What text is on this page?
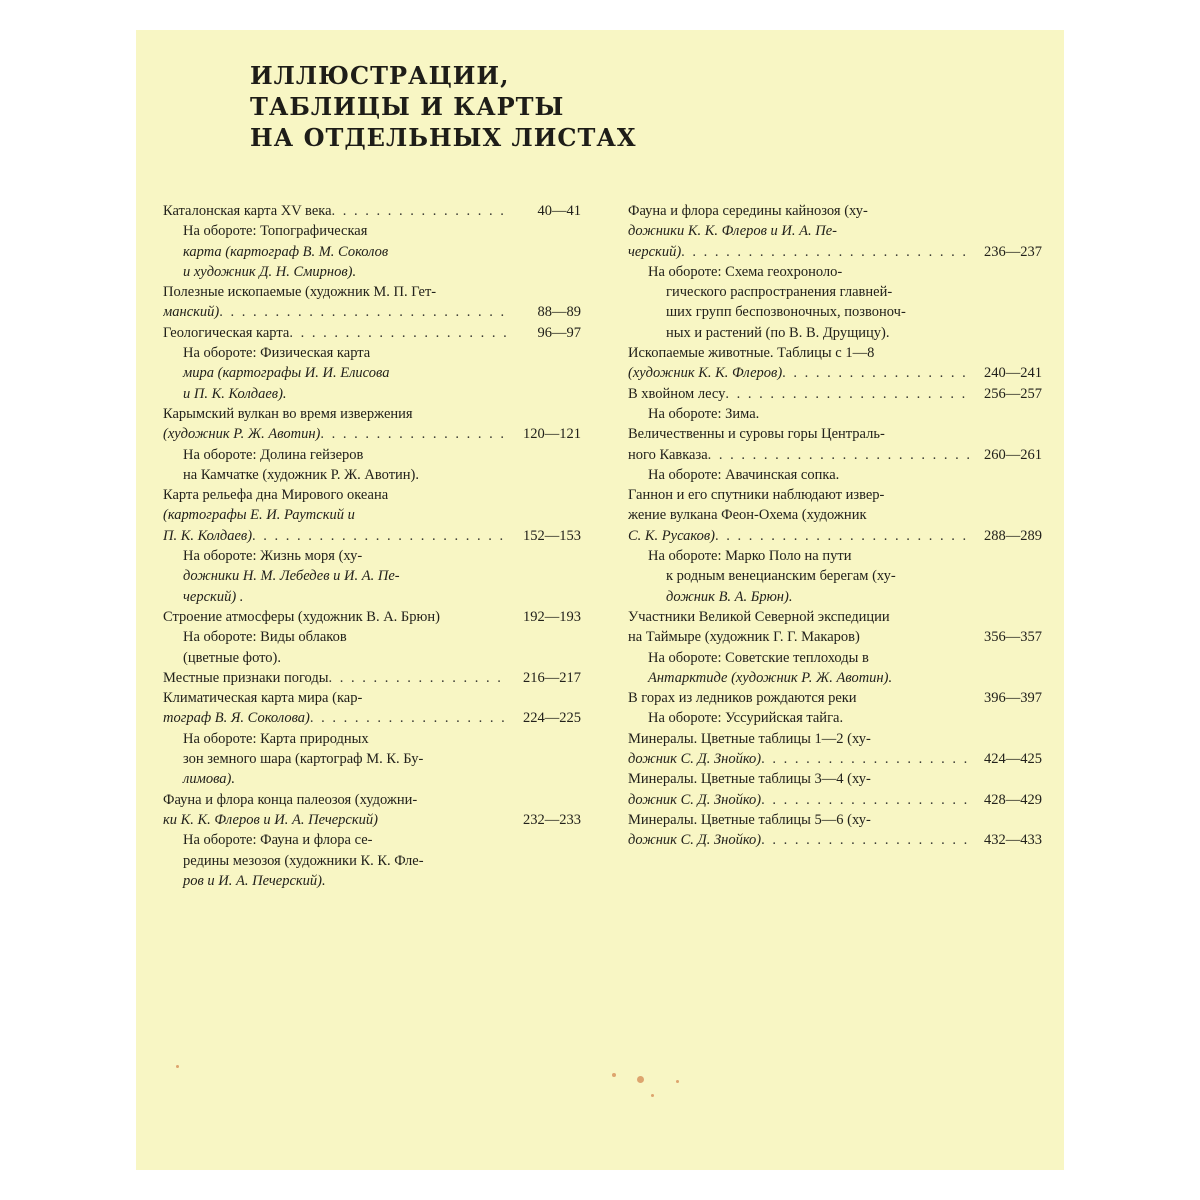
ИЛЛЮСТРАЦИИ,
ТАБЛИЦЫ И КАРТЫ
НА ОТДЕЛЬНЫХ ЛИСТАХ
Каталонская карта XV века . . .	40—41
На обороте: Топографическая
карта (картограф В. М. Соколов
и художник Д. Н. Смирнов).
Полезные ископаемые (художник М. П. Гет-
манский) . . .	88—89
Геологическая карта . . .	96—97
На обороте: Физическая карта
мира (картографы И. И. Елисова
и П. К. Колдаев).
Карымский вулкан во время извержения
(художник Р. Ж. Авотин) . . .	120—121
На обороте: Долина гейзеров
на Камчатке (художник Р. Ж. Авотин).
Карта рельефа дна Мирового океана
(картографы Е. И. Раутский и
П. К. Колдаев) . . .	152—153
На обороте: Жизнь моря (ху-
дожники Н. М. Лебедев и И. А. Пе-
черский) .
Строение атмосферы (художник В. А. Брюн)	192—193
На обороте: Виды облаков
(цветные фото).
Местные признаки погоды . . .	216—217
Климатическая карта мира (кар-
тограф В. Я. Соколова) . . .	224—225
На обороте: Карта природных
зон земного шара (картограф М. К. Бу-
лимова).
Фауна и флора конца палеозоя (художни-
ки К. К. Флеров и И. А. Печерский)	232—233
На обороте: Фауна и флора се-
редины мезозоя (художники К. К. Фле-
ров и И. А. Печерский).
Фауна и флора середины кайнозоя (ху-
дожники К. К. Флеров и И. А. Пе-
черский) . . .	236—237
На обороте: Схема геохроноло-
гического распространения главней-
ших групп беспозвоночных, позвоноч-
ных и растений (по В. В. Друщицу).
Ископаемые животные. Таблицы с 1—8
(художник К. К. Флеров) . . .	240—241
В хвойном лесу . . .	256—257
На обороте: Зима.
Величественны и суровы горы Централь-
ного Кавказа . . .	260—261
На обороте: Авачинская сопка.
Ганнон и его спутники наблюдают извер-
жение вулкана Феон-Охема (художник
С. К. Русаков) . . .	288—289
На обороте: Марко Поло на пути
к родным венецианским берегам (ху-
дожник В. А. Брюн).
Участники Великой Северной экспедиции
на Таймыре (художник Г. Г. Макаров)	356—357
На обороте: Советские теплоходы в
Антарктиде (художник Р. Ж. Авотин).
В горах из ледников рождаются реки	396—397
На обороте: Уссурийская тайга.
Минералы. Цветные таблицы 1—2 (ху-
дожник С. Д. Знойко) . . .	424—425
Минералы. Цветные таблицы 3—4 (ху-
дожник С. Д. Знойко) . . .	428—429
Минералы. Цветные таблицы 5—6 (ху-
дожник С. Д. Знойко) . . .	432—433
